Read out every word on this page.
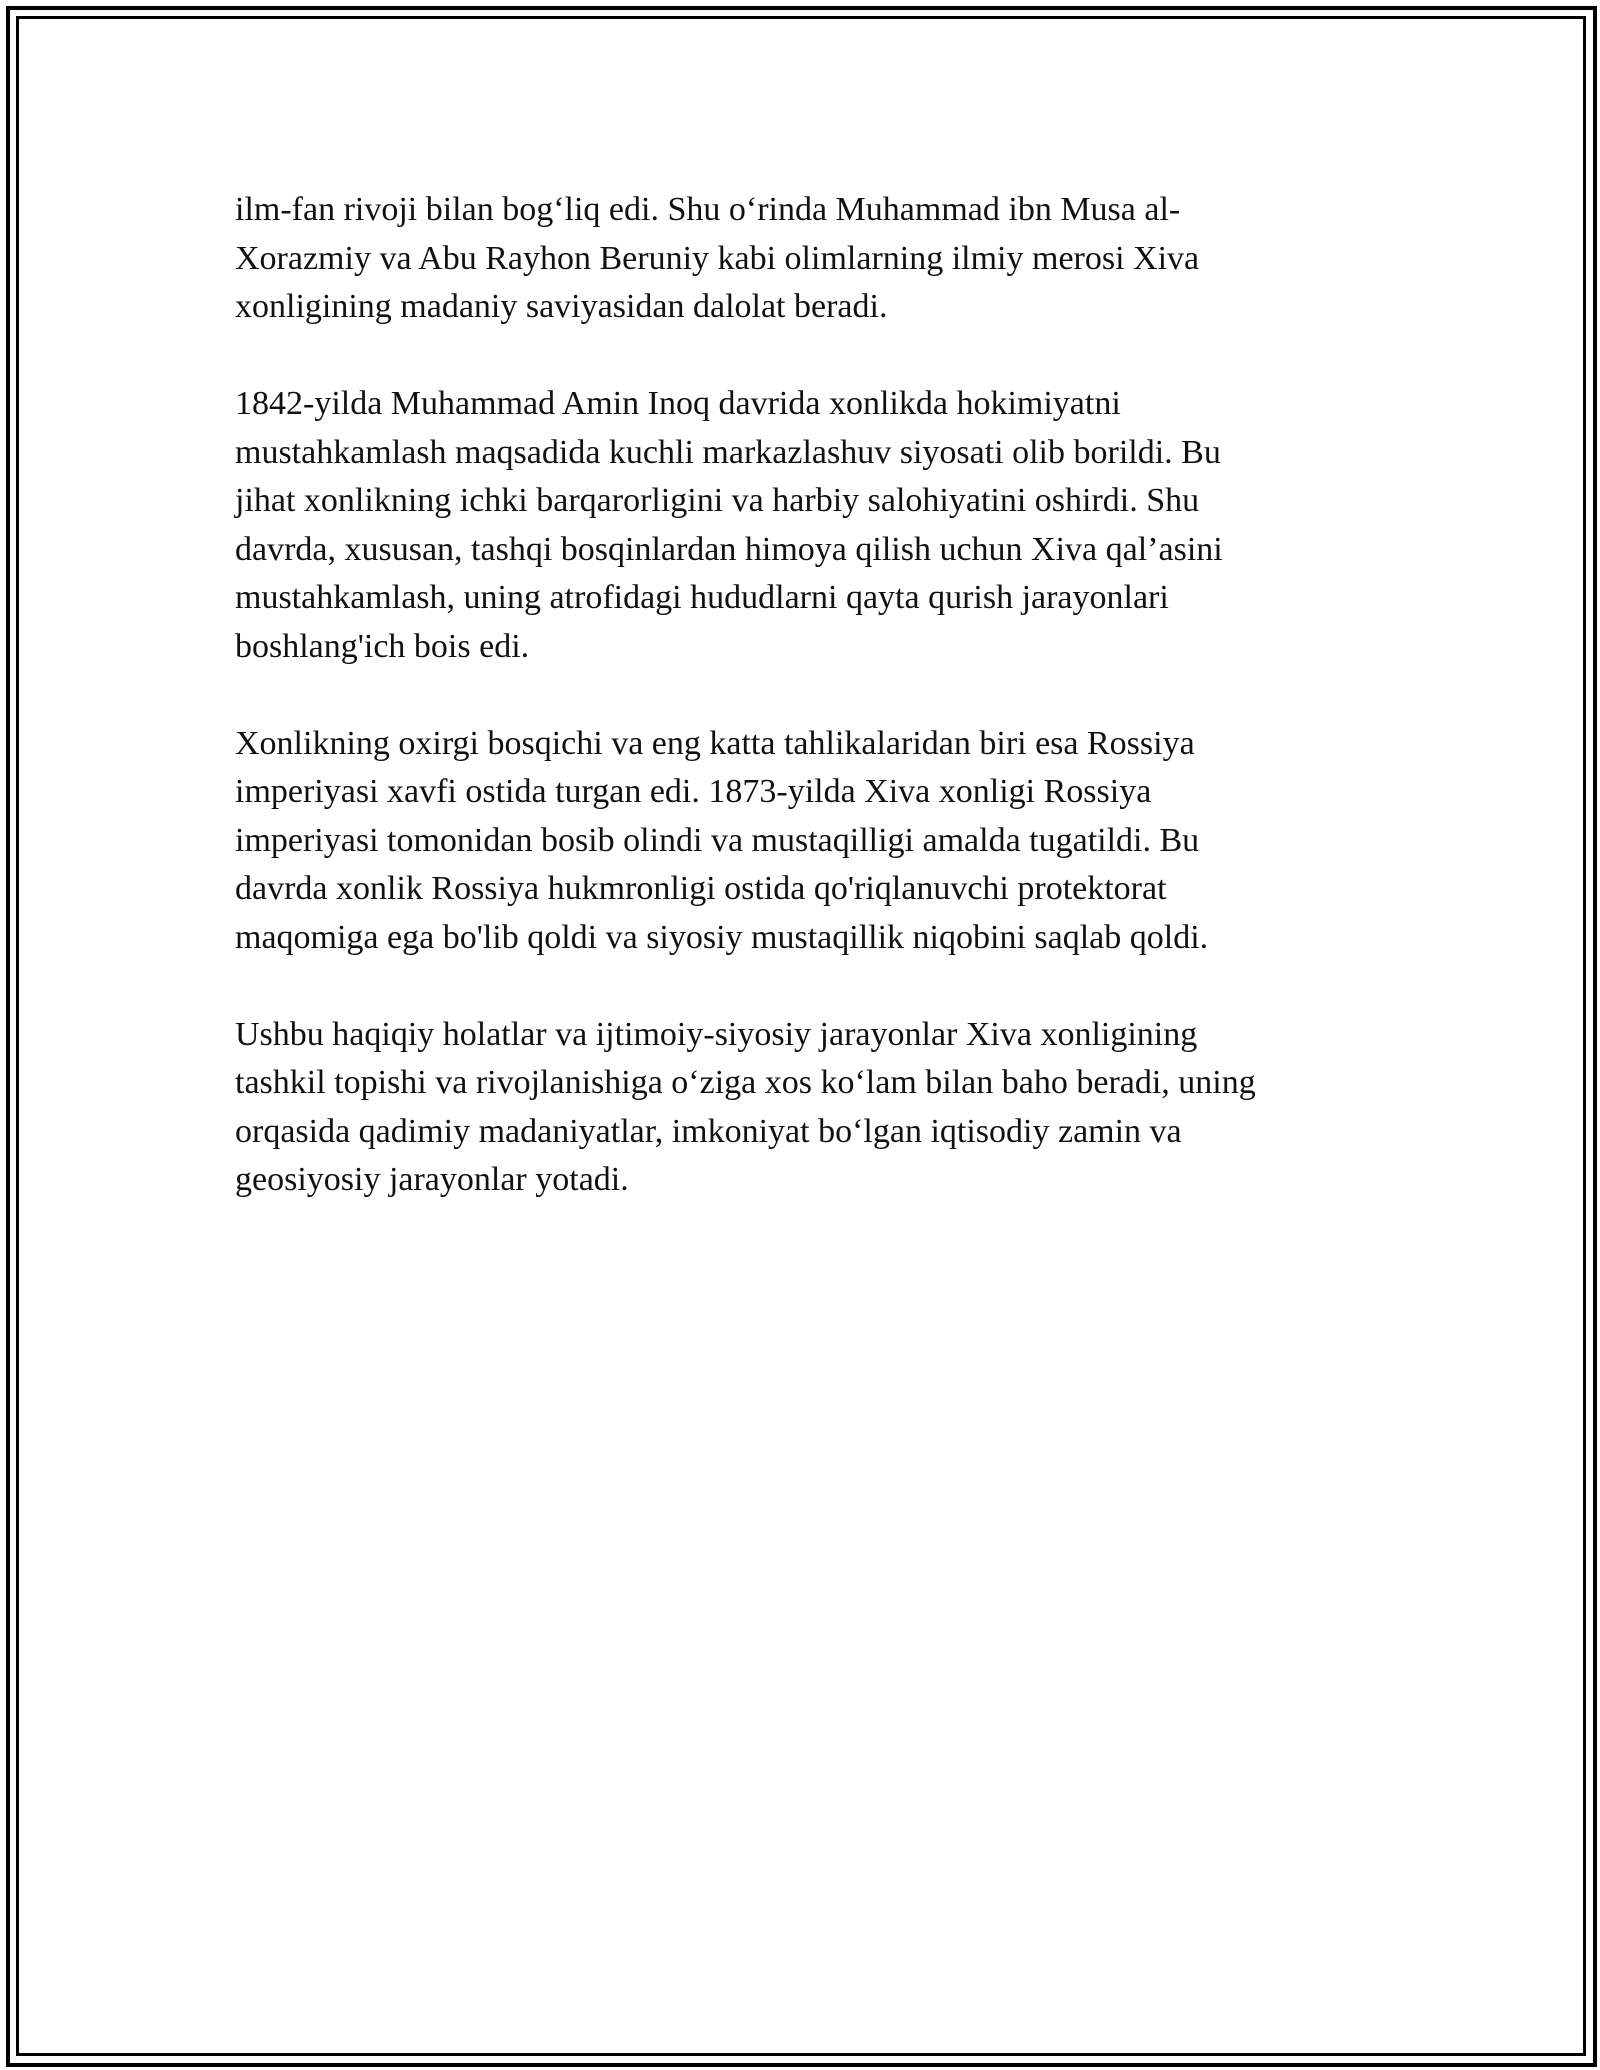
ilm-fan rivoji bilan bog‘liq edi. Shu o‘rinda Muhammad ibn Musa al-
Xorazmiy va Abu Rayhon Beruniy kabi olimlarning ilmiy merosi Xiva
xonligining madaniy saviyasidan dalolat beradi.

1842-yilda Muhammad Amin Inoq davrida xonlikda hokimiyatni
mustahkamlash maqsadida kuchli markazlashuv siyosati olib borildi. Bu
jihat xonlikning ichki barqarorligini va harbiy salohiyatini oshirdi. Shu
davrda, xususan, tashqi bosqinlardan himoya qilish uchun Xiva qal’asini
mustahkamlash, uning atrofidagi hududlarni qayta qurish jarayonlari
boshlang'ich bois edi.

Xonlikning oxirgi bosqichi va eng katta tahlikalaridan biri esa Rossiya
imperiyasi xavfi ostida turgan edi. 1873-yilda Xiva xonligi Rossiya
imperiyasi tomonidan bosib olindi va mustaqilligi amalda tugatildi. Bu
davrda xonlik Rossiya hukmronligi ostida qo'riqlanuvchi protektorat
maqomiga ega bo'lib qoldi va siyosiy mustaqillik niqobini saqlab qoldi.

Ushbu haqiqiy holatlar va ijtimoiy-siyosiy jarayonlar Xiva xonligining
tashkil topishi va rivojlanishiga o‘ziga xos ko‘lam bilan baho beradi, uning
orqasida qadimiy madaniyatlar, imkoniyat bo‘lgan iqtisodiy zamin va
geosiyosiy jarayonlar yotadi.
